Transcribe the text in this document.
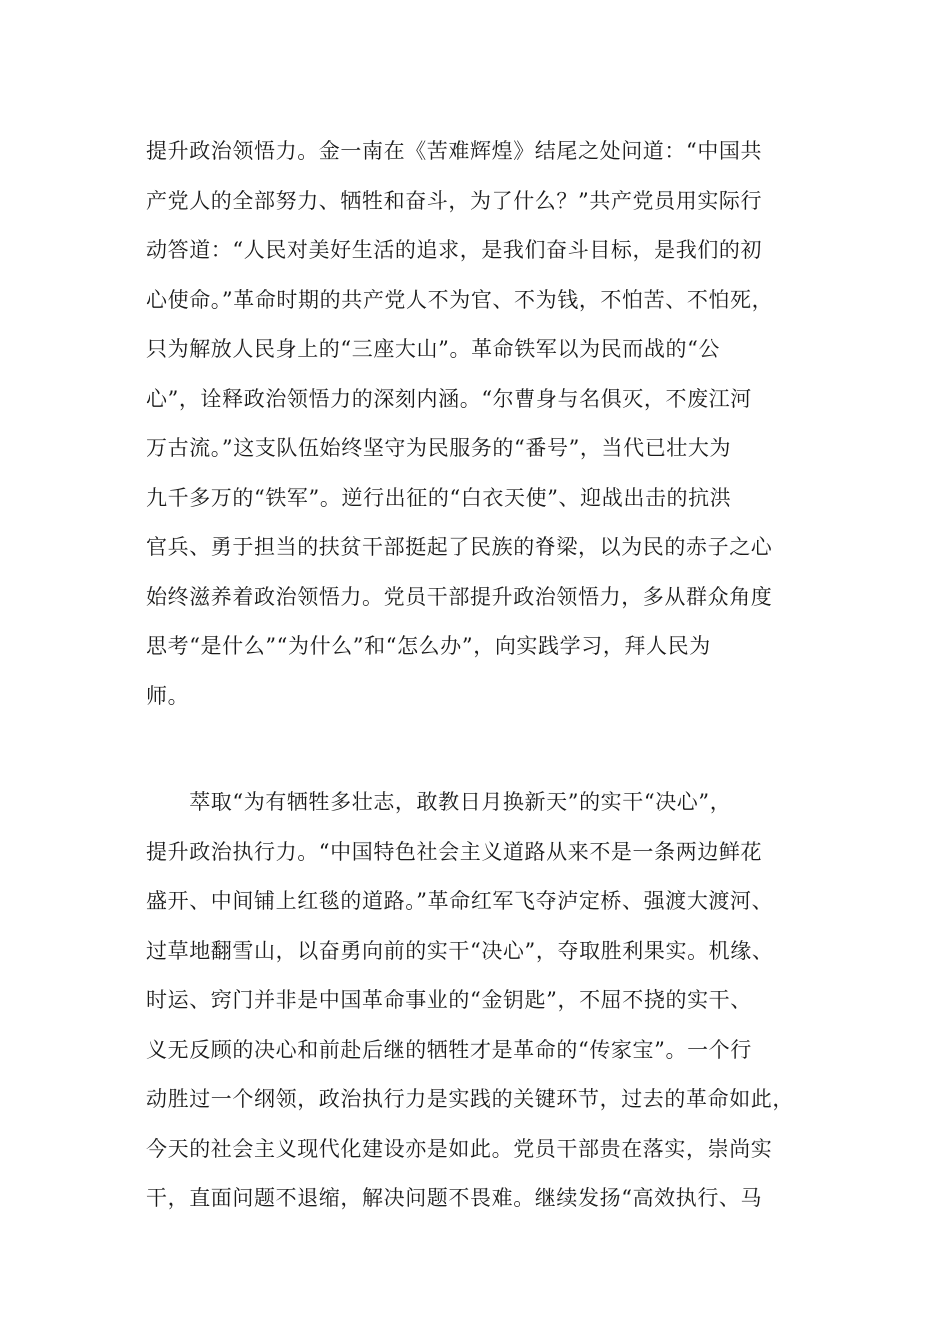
提升政治领悟力。金一南在《苦难辉煌》结尾之处问道：“中国共
产党人的全部努力、牺牲和奋斗，为了什么？”共产党员用实际行
动答道：“人民对美好生活的追求，是我们奋斗目标，是我们的初
心使命。”革命时期的共产党人不为官、不为钱，不怕苦、不怕死，
只为解放人民身上的“三座大山”。革命铁军以为民而战的“公
心”，诠释政治领悟力的深刻内涵。“尔曹身与名俱灭，不废江河
万古流。”这支队伍始终坚守为民服务的“番号”，当代已壮大为
九千多万的“铁军”。逆行出征的“白衣天使”、迎战出击的抗洪
官兵、勇于担当的扶贫干部挺起了民族的脊梁，以为民的赤子之心
始终滋养着政治领悟力。党员干部提升政治领悟力，多从群众角度
思考“是什么”“为什么”和“怎么办”，向实践学习，拜人民为
师。
　　萃取“为有牺牲多壮志，敢教日月换新天”的实干“决心”，
提升政治执行力。“中国特色社会主义道路从来不是一条两边鲜花
盛开、中间铺上红毯的道路。”革命红军飞夺泸定桥、强渡大渡河、
过草地翻雪山，以奋勇向前的实干“决心”，夺取胜利果实。机缘、
时运、窍门并非是中国革命事业的“金钥匙”，不屈不挠的实干、
义无反顾的决心和前赴后继的牺牲才是革命的“传家宝”。一个行
动胜过一个纲领，政治执行力是实践的关键环节，过去的革命如此，
今天的社会主义现代化建设亦是如此。党员干部贵在落实，崇尚实
干，直面问题不退缩，解决问题不畏难。继续发扬“高效执行、马
